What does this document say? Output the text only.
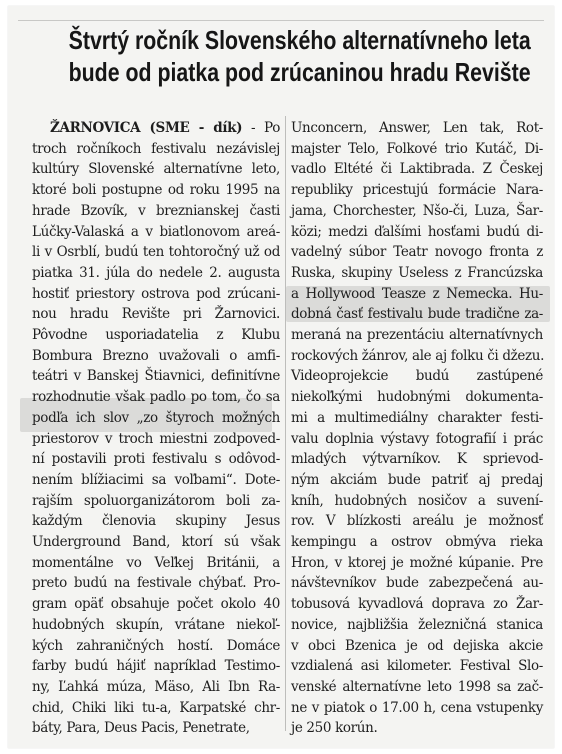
Štvrtý ročník Slovenského alternatívneho leta
bude od piatka pod zrúcaninou hradu Revište
ŽARNOVICA (SME - dík) - Po
troch ročníkoch festivalu nezávislej
kultúry Slovenské alternatívne leto,
ktoré boli postupne od roku 1995 na
hrade Bzovík, v breznianskej časti
Lúčky-Valaská a v biatlonovom areá-
li v Osrblí, budú ten tohtoročný už od
piatka 31. júla do nedele 2. augusta
hostiť priestory ostrova pod zrúcani-
nou hradu Revište pri Žarnovici.
Pôvodne usporiadatelia z Klubu
Bombura Brezno uvažovali o amfi-
teátri v Banskej Štiavnici, definitívne
rozhodnutie však padlo po tom, čo sa
podľa ich slov „zo štyroch možných
priestorov v troch miestni zodpoved-
ní postavili proti festivalu s odôvod-
nením blížiacimi sa voľbami“. Dote-
rajším spoluorganizátorom boli za-
každým členovia skupiny Jesus
Underground Band, ktorí sú však
momentálne vo Veľkej Británii, a
preto budú na festivale chýbať. Pro-
gram opäť obsahuje počet okolo 40
hudobných skupín, vrátane niekoľ-
kých zahraničných hostí. Domáce
farby budú hájiť napríklad Testimo-
ny, Ľahká múza, Mäso, Ali Ibn Ra-
chid, Chiki liki tu-a, Karpatské chr-
báty, Para, Deus Pacis, Penetrate,
Unconcern, Answer, Len tak, Rot-
majster Telo, Folkové trio Kutáč, Di-
vadlo Eltété či Laktibrada. Z Českej
republiky pricestujú formácie Nara-
jama, Chorchester, Nšo-či, Luza, Šar-
közi; medzi ďalšími hosťami budú di-
vadelný súbor Teatr novogo fronta z
Ruska, skupiny Useless z Francúzska
a Hollywood Teasze z Nemecka. Hu-
dobná časť festivalu bude tradične za-
meraná na prezentáciu alternatívnych
rockových žánrov, ale aj folku či džezu.
Videoprojekcie budú zastúpené
niekoľkými hudobnými dokumenta-
mi a multimediálny charakter festi-
valu doplnia výstavy fotografií i prác
mladých výtvarníkov. K sprievod-
ným akciám bude patriť aj predaj
kníh, hudobných nosičov a suvení-
rov. V blízkosti areálu je možnosť
kempingu a ostrov obmýva rieka
Hron, v ktorej je možné kúpanie. Pre
návštevníkov bude zabezpečená au-
tobusová kyvadlová doprava zo Žar-
novice, najbližšia železničná stanica
v obci Bzenica je od dejiska akcie
vzdialená asi kilometer. Festival Slo-
venské alternatívne leto 1998 sa zač-
ne v piatok o 17.00 h, cena vstupenky
je 250 korún.
